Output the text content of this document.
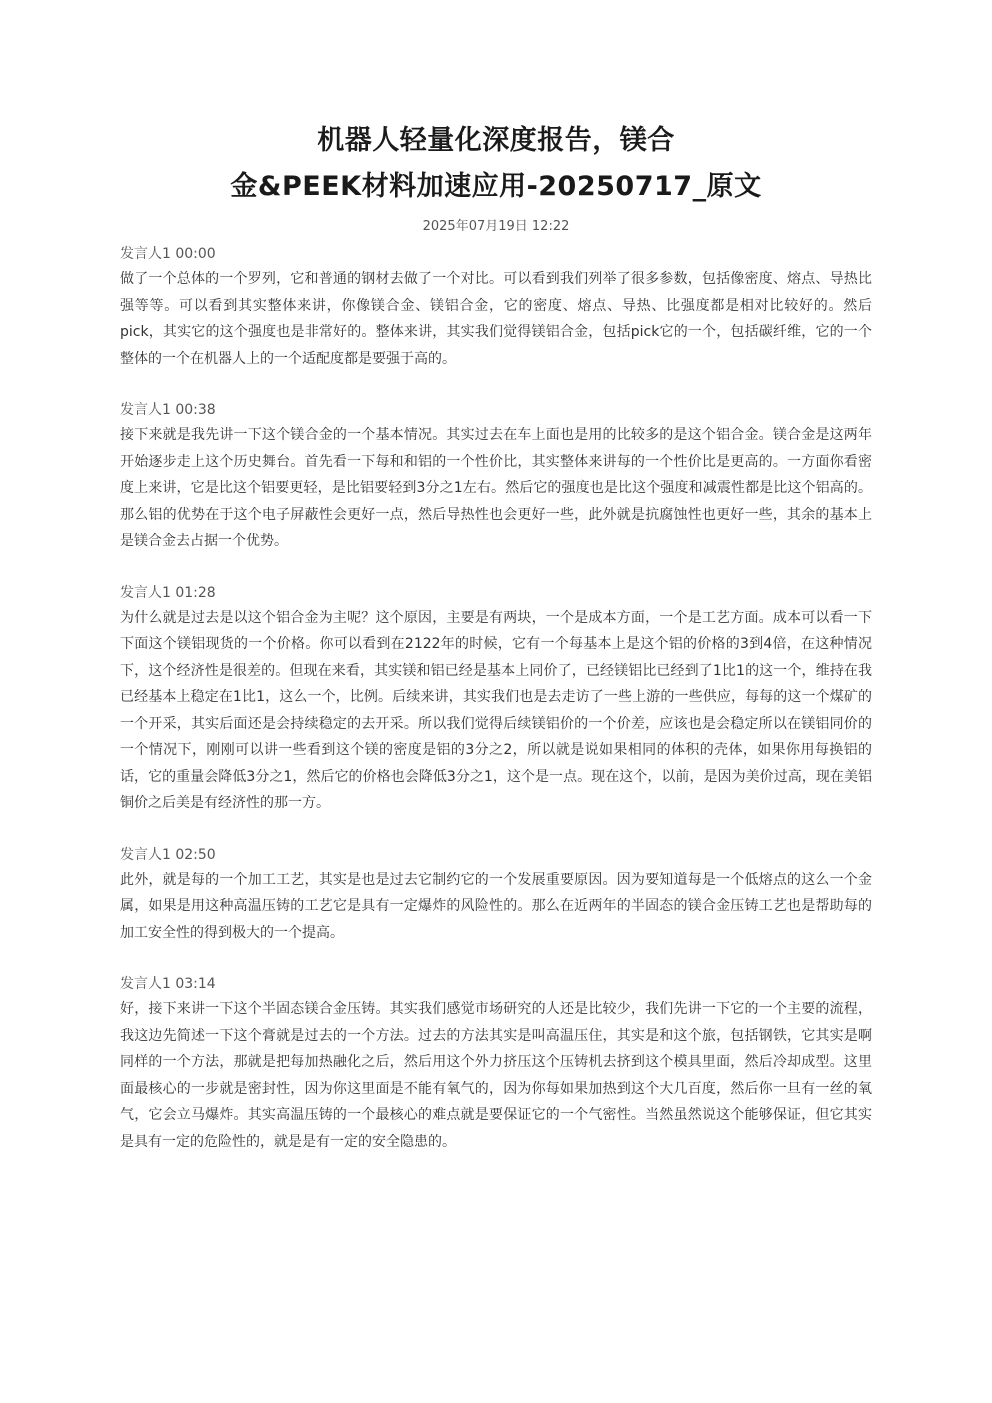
机器人轻量化深度报告，镁合
金&PEEK材料加速应用-20250717_原文
2025年07月19日 12:22
发言人1 00:00

做了一个总体的一个罗列，它和普通的钢材去做了一个对比。可以看到我们列举了很多参数，包括像密度、熔点、导热比强等等。可以看到其实整体来讲，你像镁合金、镁铝合金，它的密度、熔点、导热、比强度都是相对比较好的。然后pick，其实它的这个强度也是非常好的。整体来讲，其实我们觉得镁铝合金，包括pick它的一个，包括碳纤维，它的一个整体的一个在机器人上的一个适配度都是要强于高的。

发言人1 00:38

接下来就是我先讲一下这个镁合金的一个基本情况。其实过去在车上面也是用的比较多的是这个铝合金。镁合金是这两年开始逐步走上这个历史舞台。首先看一下每和和铝的一个性价比，其实整体来讲每的一个性价比是更高的。一方面你看密度上来讲，它是比这个铝要更轻，是比铝要轻到3分之1左右。然后它的强度也是比这个强度和减震性都是比这个铝高的。那么铝的优势在于这个电子屏蔽性会更好一点，然后导热性也会更好一些，此外就是抗腐蚀性也更好一些，其余的基本上是镁合金去占据一个优势。

发言人1 01:28

为什么就是过去是以这个铝合金为主呢？这个原因，主要是有两块，一个是成本方面，一个是工艺方面。成本可以看一下下面这个镁铝现货的一个价格。你可以看到在2122年的时候，它有一个每基本上是这个铝的价格的3到4倍，在这种情况下，这个经济性是很差的。但现在来看，其实镁和铝已经是基本上同价了，已经镁铝比已经到了1比1的这一个，维持在我已经基本上稳定在1比1，这么一个，比例。后续来讲，其实我们也是去走访了一些上游的一些供应，每每的这一个煤矿的一个开采，其实后面还是会持续稳定的去开采。所以我们觉得后续镁铝价的一个价差，应该也是会稳定所以在镁铝同价的一个情况下，刚刚可以讲一些看到这个镁的密度是铝的3分之2，所以就是说如果相同的体积的壳体，如果你用每换铝的话，它的重量会降低3分之1，然后它的价格也会降低3分之1，这个是一点。现在这个，以前，是因为美价过高，现在美铝铜价之后美是有经济性的那一方。

发言人1 02:50

此外，就是每的一个加工工艺，其实是也是过去它制约它的一个发展重要原因。因为要知道每是一个低熔点的这么一个金属，如果是用这种高温压铸的工艺它是具有一定爆炸的风险性的。那么在近两年的半固态的镁合金压铸工艺也是帮助每的加工安全性的得到极大的一个提高。

发言人1 03:14

好，接下来讲一下这个半固态镁合金压铸。其实我们感觉市场研究的人还是比较少，我们先讲一下它的一个主要的流程，我这边先简述一下这个膏就是过去的一个方法。过去的方法其实是叫高温压住，其实是和这个旅，包括钢铁，它其实是啊同样的一个方法，那就是把每加热融化之后，然后用这个外力挤压这个压铸机去挤到这个模具里面，然后冷却成型。这里面最核心的一步就是密封性，因为你这里面是不能有氧气的，因为你每如果加热到这个大几百度，然后你一旦有一丝的氧气，它会立马爆炸。其实高温压铸的一个最核心的难点就是要保证它的一个气密性。当然虽然说这个能够保证，但它其实是具有一定的危险性的，就是是有一定的安全隐患的。
